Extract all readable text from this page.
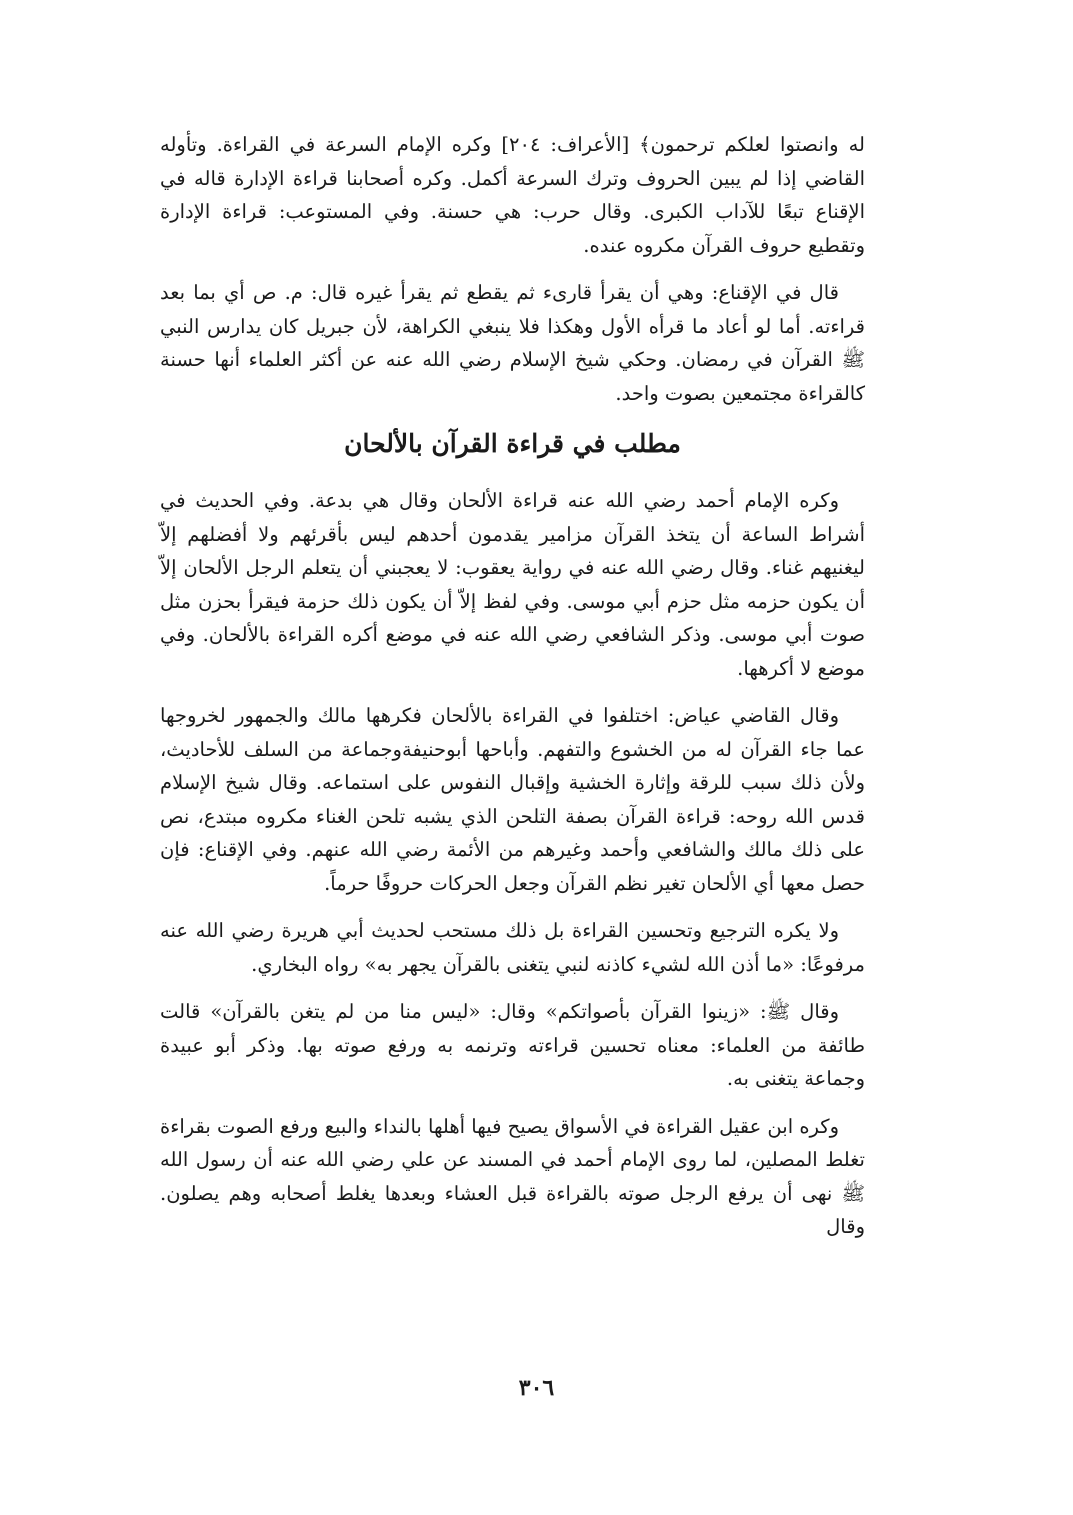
له وانصتوا لعلكم ترحمون﴾ [الأعراف: ٢٠٤] وكره الإمام السرعة في القراءة. وتأوله القاضي إذا لم يبين الحروف وترك السرعة أكمل. وكره أصحابنا قراءة الإدارة قاله في الإقناع تبعًا للآداب الكبرى. وقال حرب: هي حسنة. وفي المستوعب: قراءة الإدارة وتقطيع حروف القرآن مكروه عنده.

قال في الإقناع: وهي أن يقرأ قارىء ثم يقطع ثم يقرأ غيره قال: م. ص أي بما بعد قراءته. أما لو أعاد ما قرأه الأول وهكذا فلا ينبغي الكراهة، لأن جبريل كان يدارس النبي ﷺ القرآن في رمضان. وحكي شيخ الإسلام رضي الله عنه عن أكثر العلماء أنها حسنة كالقراءة مجتمعين بصوت واحد.

مطلب في قراءة القرآن بالألحان

وكره الإمام أحمد رضي الله عنه قراءة الألحان وقال هي بدعة. وفي الحديث في أشراط الساعة أن يتخذ القرآن مزامير يقدمون أحدهم ليس بأقرئهم ولا أفضلهم إلاّ ليغنيهم غناء. وقال رضي الله عنه في رواية يعقوب: لا يعجبني أن يتعلم الرجل الألحان إلاّ أن يكون حزمه مثل حزم أبي موسى. وفي لفظ إلاّ أن يكون ذلك حزمة فيقرأ بحزن مثل صوت أبي موسى. وذكر الشافعي رضي الله عنه في موضع أكره القراءة بالألحان. وفي موضع لا أكرهها.

وقال القاضي عياض: اختلفوا في القراءة بالألحان فكرهها مالك والجمهور لخروجها عما جاء القرآن له من الخشوع والتفهم. وأباحها أبوحنيفةوجماعة من السلف للأحاديث، ولأن ذلك سبب للرقة وإثارة الخشية وإقبال النفوس على استماعه. وقال شيخ الإسلام قدس الله روحه: قراءة القرآن بصفة التلحن الذي يشبه تلحن الغناء مكروه مبتدع، نص على ذلك مالك والشافعي وأحمد وغيرهم من الأئمة رضي الله عنهم. وفي الإقناع: فإن حصل معها أي الألحان تغير نظم القرآن وجعل الحركات حروفًا حرماً.

ولا يكره الترجيع وتحسين القراءة بل ذلك مستحب لحديث أبي هريرة رضي الله عنه مرفوعًا: «ما أذن الله لشيء كاذنه لنبي يتغنى بالقرآن يجهر به» رواه البخاري.

وقال ﷺ: «زينوا القرآن بأصواتكم» وقال: «ليس منا من لم يتغن بالقرآن» قالت طائفة من العلماء: معناه تحسين قراءته وترنمه به ورفع صوته بها. وذكر أبو عبيدة وجماعة يتغنى به.

وكره ابن عقيل القراءة في الأسواق يصيح فيها أهلها بالنداء والبيع ورفع الصوت بقراءة تغلط المصلين، لما روى الإمام أحمد في المسند عن علي رضي الله عنه أن رسول الله ﷺ نهى أن يرفع الرجل صوته بالقراءة قبل العشاء وبعدها يغلط أصحابه وهم يصلون. وقال

٣٠٦
